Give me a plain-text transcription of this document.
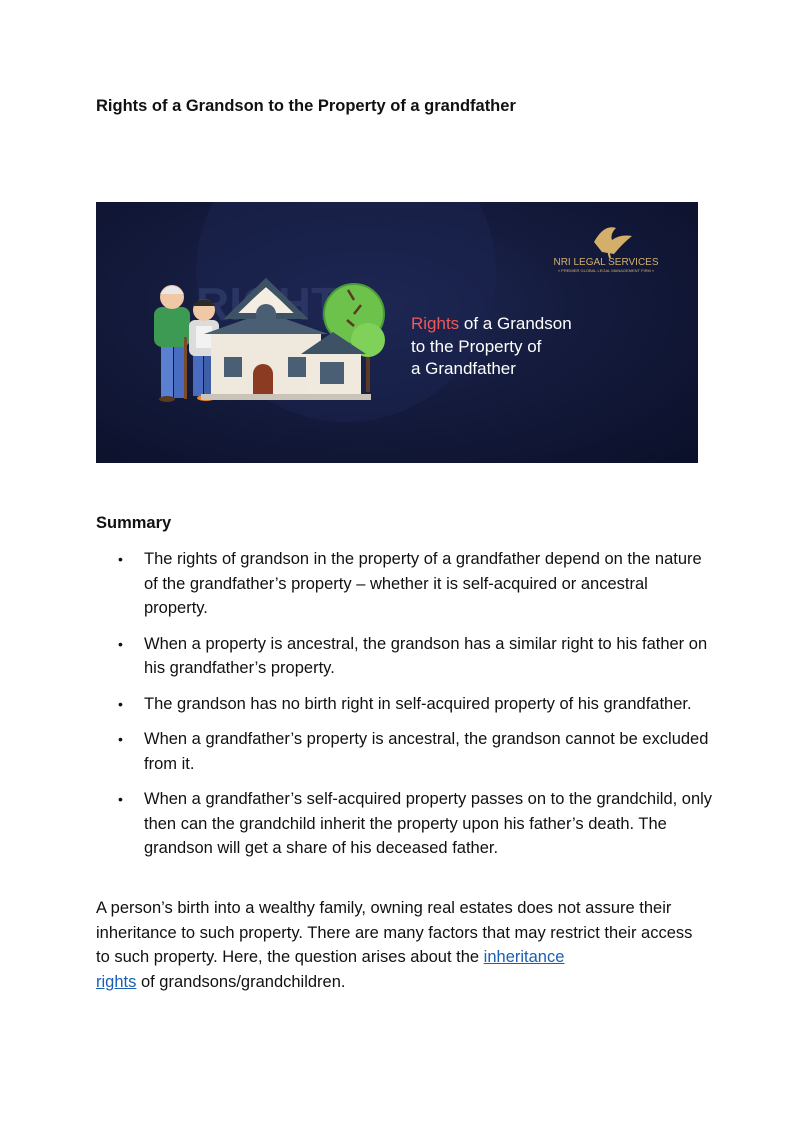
Rights of a Grandson to the Property of a grandfather
NRI LEGAL SERVICES
« PREMIER GLOBAL LEGAL MANAGEMENT FIRM »
Rights of a Grandson
to the Property of
a Grandfather
Summary
• The rights of grandson in the property of a grandfather depend on the nature of the grandfather’s property – whether it is self-acquired or ancestral property.
• When a property is ancestral, the grandson has a similar right to his father on his grandfather’s property.
• The grandson has no birth right in self-acquired property of his grandfather.
• When a grandfather’s property is ancestral, the grandson cannot be excluded from it.
• When a grandfather’s self-acquired property passes on to the grandchild, only then can the grandchild inherit the property upon his father’s death. The grandson will get a share of his deceased father.

A person’s birth into a wealthy family, owning real estates does not assure their inheritance to such property. There are many factors that may restrict their access to such property. Here, the question arises about the inheritance
rights of grandsons/grandchildren.
